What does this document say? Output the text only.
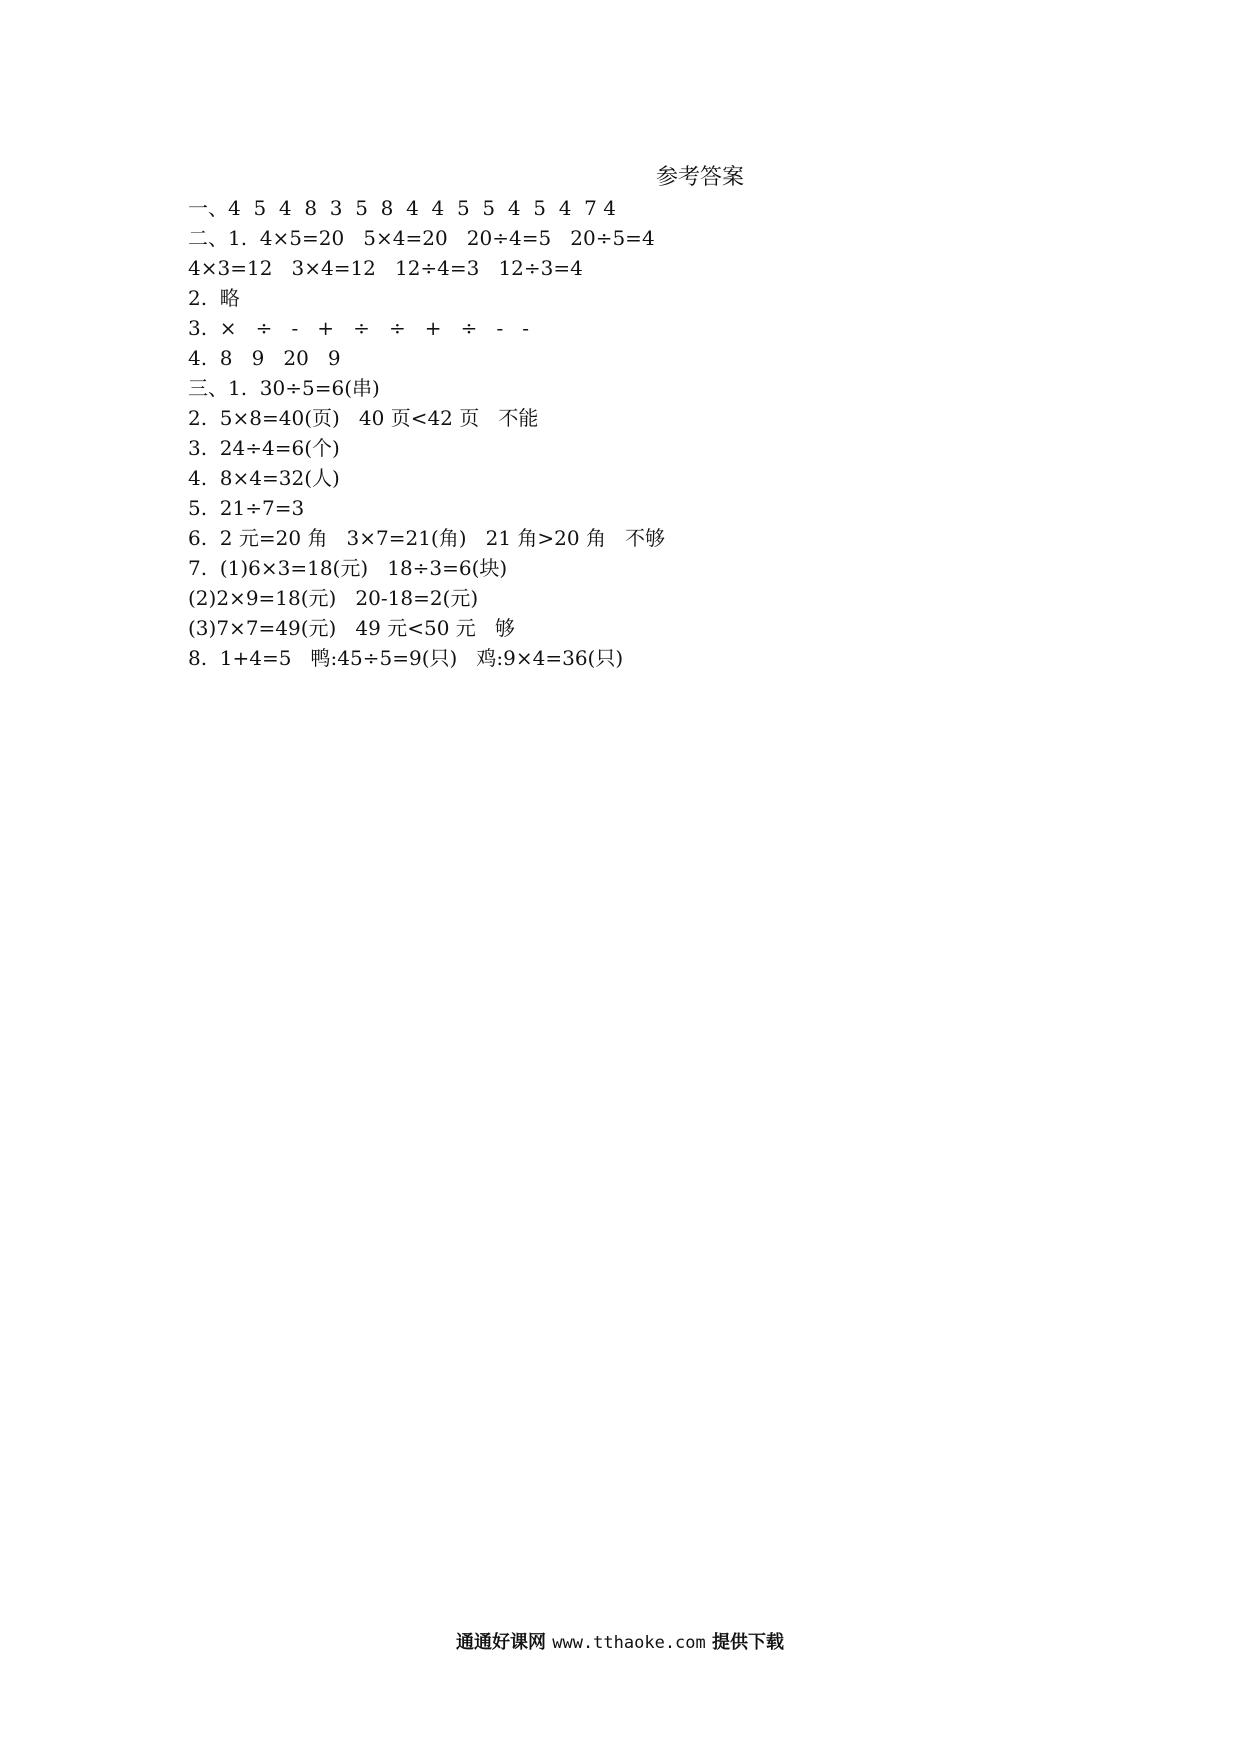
参考答案
一、4  5  4  8  3  5  8  4  4  5  5  4  5  4  7 4
二、1.  4×5=20   5×4=20   20÷4=5   20÷5=4
4×3=12   3×4=12   12÷4=3   12÷3=4
2.  略
3.  ×   ÷   -   +   ÷   ÷   +   ÷   -   -
4.  8   9   20   9
三、1.  30÷5=6(串)
2.  5×8=40(页)   40 页<42 页   不能
3.  24÷4=6(个)
4.  8×4=32(人)
5.  21÷7=3
6.  2 元=20 角   3×7=21(角)   21 角>20 角   不够
7.  (1)6×3=18(元)   18÷3=6(块)
(2)2×9=18(元)   20-18=2(元)
(3)7×7=49(元)   49 元<50 元   够
8.  1+4=5   鸭:45÷5=9(只)   鸡:9×4=36(只)
通通好课网 www.tthaoke.com 提供下载
